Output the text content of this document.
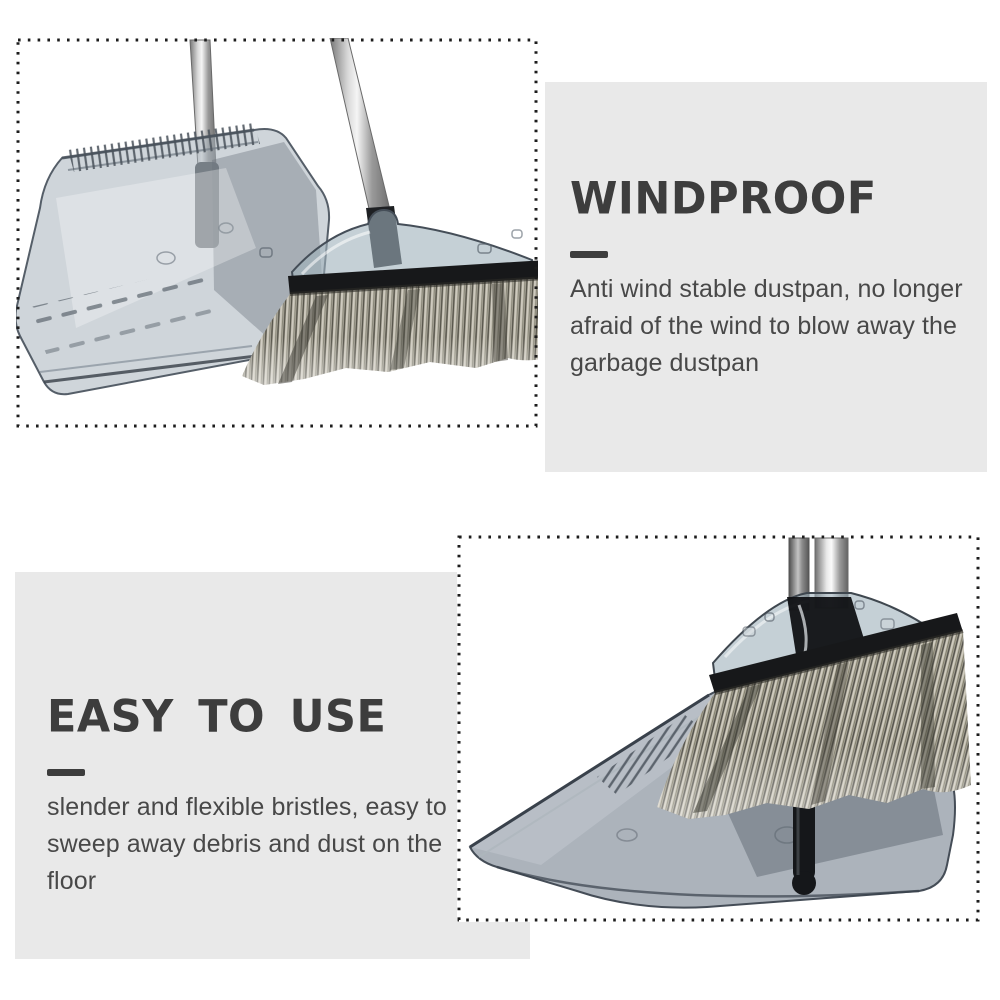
WINDPROOF
Anti wind stable dustpan, no longer
afraid of the wind to blow away the
garbage dustpan
EASY TO USE
slender and flexible bristles, easy to
sweep away debris and dust on the
floor
